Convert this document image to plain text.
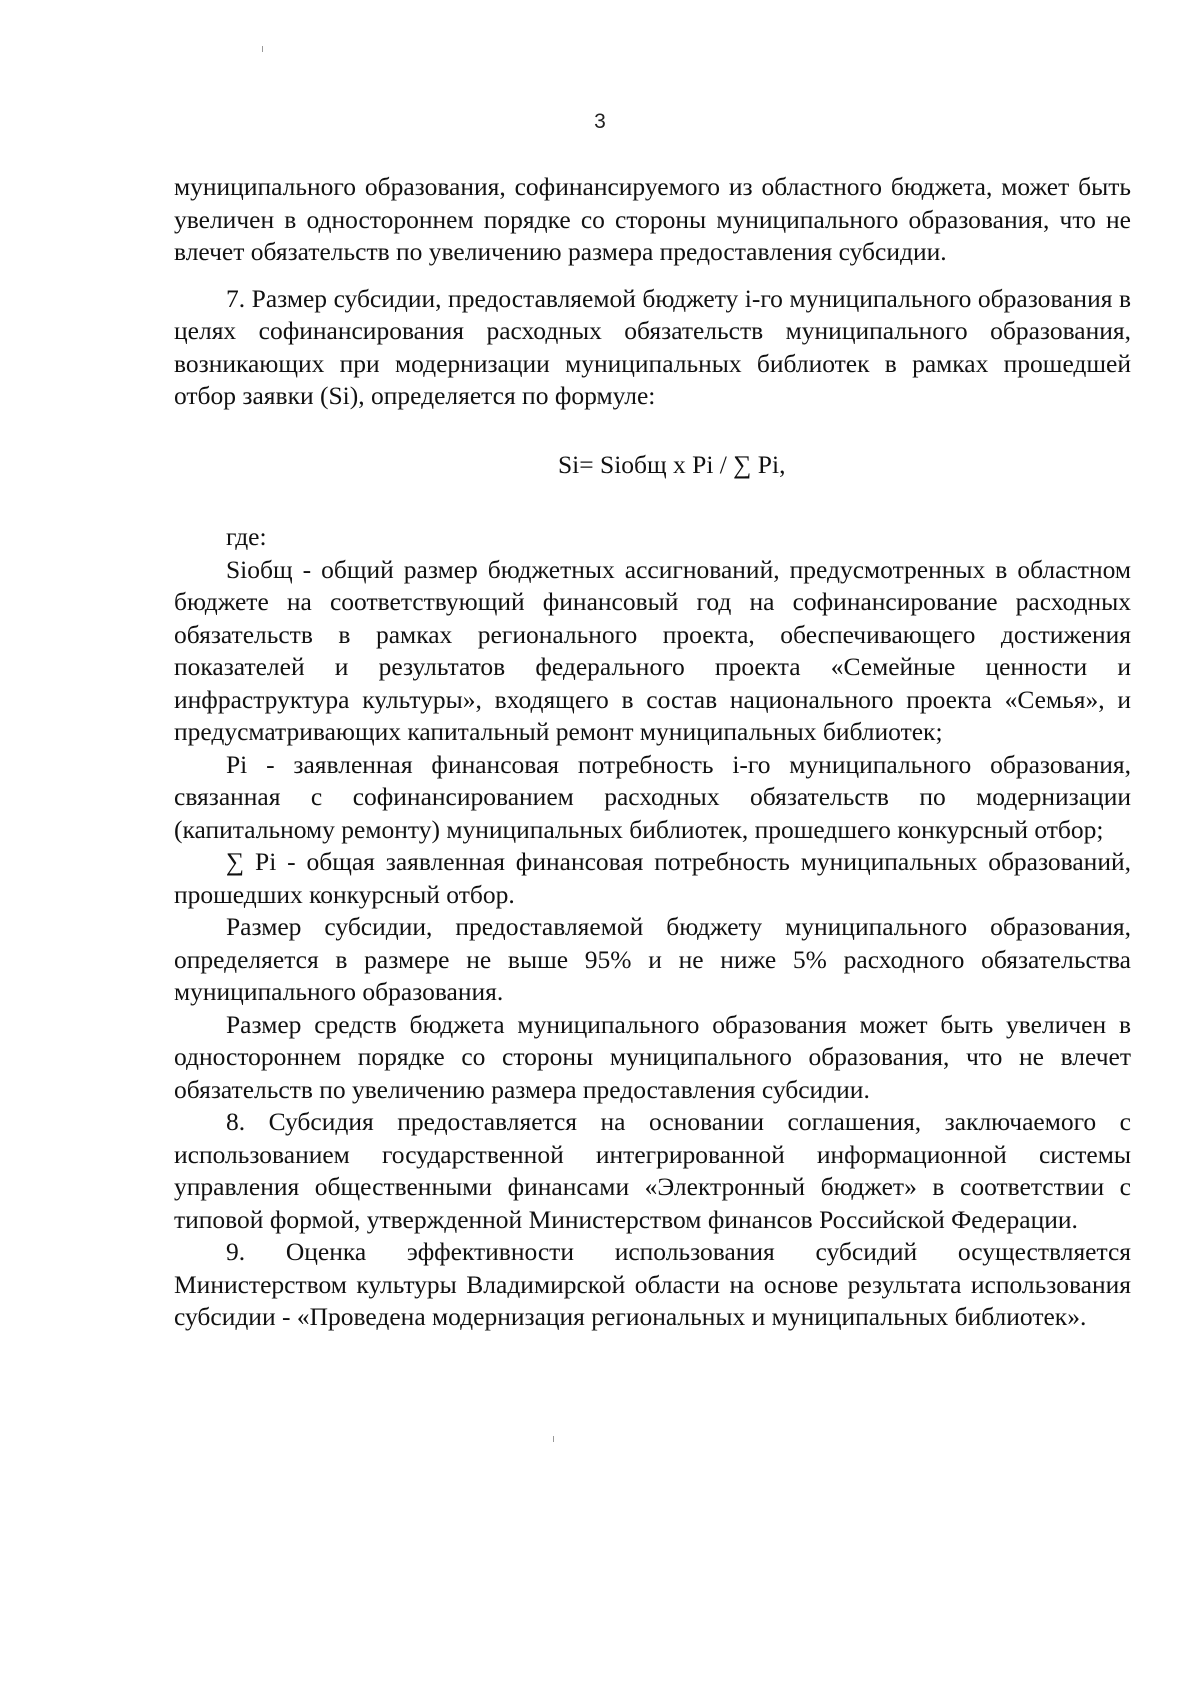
3

муниципального образования, софинансируемого из областного бюджета, может быть увеличен в одностороннем порядке со стороны муниципального образования, что не влечет обязательств по увеличению размера предоставления субсидии.

7. Размер субсидии, предоставляемой бюджету i-го муниципального образования в целях софинансирования расходных обязательств муниципального образования, возникающих при модернизации муниципальных библиотек в рамках прошедшей отбор заявки (Si), определяется по формуле:

Si= Siобщ x Pi / ∑ Pi,

где:

Siобщ - общий размер бюджетных ассигнований, предусмотренных в областном бюджете на соответствующий финансовый год на софинансирование расходных обязательств в рамках регионального проекта, обеспечивающего достижения показателей и результатов федерального проекта «Семейные ценности и инфраструктура культуры», входящего в состав национального проекта «Семья», и предусматривающих капитальный ремонт муниципальных библиотек;

Pi - заявленная финансовая потребность i-го муниципального образования, связанная с софинансированием расходных обязательств по модернизации (капитальному ремонту) муниципальных библиотек, прошедшего конкурсный отбор;

∑ Pi - общая заявленная финансовая потребность муниципальных образований, прошедших конкурсный отбор.

Размер субсидии, предоставляемой бюджету муниципального образования, определяется в размере не выше 95% и не ниже 5% расходного обязательства муниципального образования.

Размер средств бюджета муниципального образования может быть увеличен в одностороннем порядке со стороны муниципального образования, что не влечет обязательств по увеличению размера предоставления субсидии.

8. Субсидия предоставляется на основании соглашения, заключаемого с использованием государственной интегрированной информационной системы управления общественными финансами «Электронный бюджет» в соответствии с типовой формой, утвержденной Министерством финансов Российской Федерации.

9. Оценка эффективности использования субсидий осуществляется Министерством культуры Владимирской области на основе результата использования субсидии - «Проведена модернизация региональных и муниципальных библиотек».
